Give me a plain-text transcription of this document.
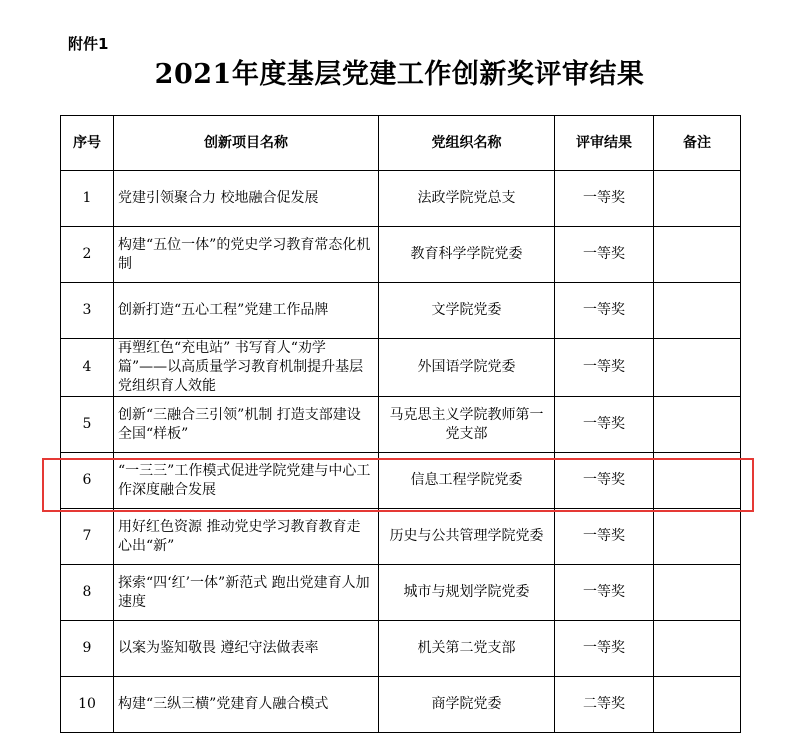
附件1
2021年度基层党建工作创新奖评审结果
序号	创新项目名称	党组织名称	评审结果	备注
1	党建引领聚合力 校地融合促发展	法政学院党总支	一等奖	
2	构建“五位一体”的党史学习教育常态化机制	教育科学学院党委	一等奖	
3	创新打造“五心工程”党建工作品牌	文学院党委	一等奖	
4	再塑红色“充电站” 书写育人“劝学篇”——以高质量学习教育机制提升基层党组织育人效能	外国语学院党委	一等奖	
5	创新“三融合三引领”机制 打造支部建设全国“样板”	马克思主义学院教师第一党支部	一等奖	
6	“一三三”工作模式促进学院党建与中心工作深度融合发展	信息工程学院党委	一等奖	
7	用好红色资源 推动党史学习教育教育走心出“新”	历史与公共管理学院党委	一等奖	
8	探索“四‘红’一体”新范式 跑出党建育人加速度	城市与规划学院党委	一等奖	
9	以案为鉴知敬畏 遵纪守法做表率	机关第二党支部	一等奖	
10	构建“三纵三横”党建育人融合模式	商学院党委	二等奖	
